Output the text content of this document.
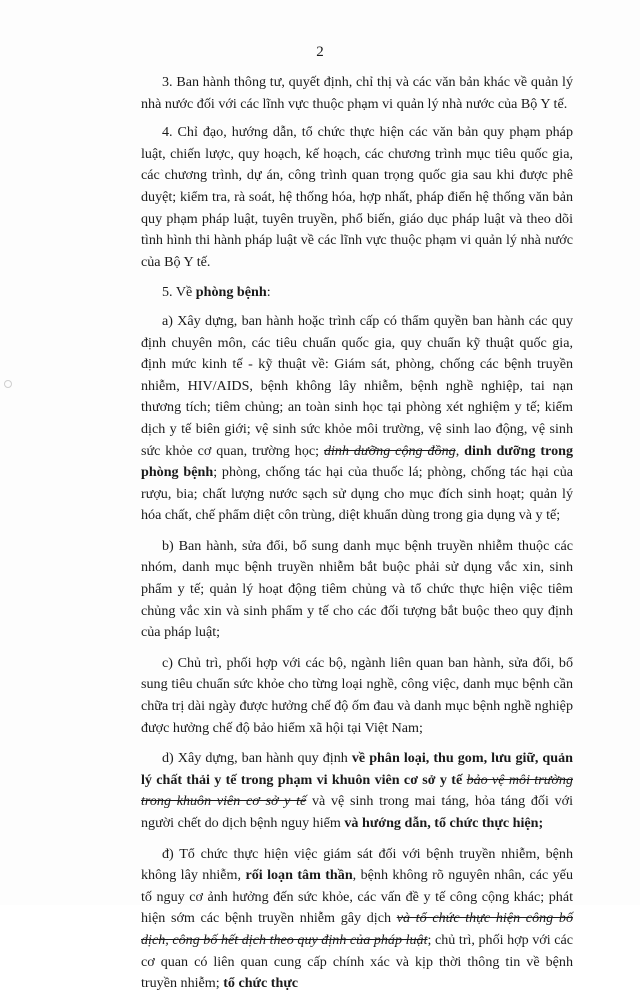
2

3. Ban hành thông tư, quyết định, chỉ thị và các văn bản khác về quản lý nhà nước đối với các lĩnh vực thuộc phạm vi quản lý nhà nước của Bộ Y tế.

4. Chỉ đạo, hướng dẫn, tổ chức thực hiện các văn bản quy phạm pháp luật, chiến lược, quy hoạch, kế hoạch, các chương trình mục tiêu quốc gia, các chương trình, dự án, công trình quan trọng quốc gia sau khi được phê duyệt; kiểm tra, rà soát, hệ thống hóa, hợp nhất, pháp điển hệ thống văn bản quy phạm pháp luật, tuyên truyền, phổ biến, giáo dục pháp luật và theo dõi tình hình thi hành pháp luật về các lĩnh vực thuộc phạm vi quản lý nhà nước của Bộ Y tế.

5. Về phòng bệnh:

a) Xây dựng, ban hành hoặc trình cấp có thẩm quyền ban hành các quy định chuyên môn, các tiêu chuẩn quốc gia, quy chuẩn kỹ thuật quốc gia, định mức kinh tế - kỹ thuật về: Giám sát, phòng, chống các bệnh truyền nhiễm, HIV/AIDS, bệnh không lây nhiễm, bệnh nghề nghiệp, tai nạn thương tích; tiêm chủng; an toàn sinh học tại phòng xét nghiệm y tế; kiểm dịch y tế biên giới; vệ sinh sức khỏe môi trường, vệ sinh lao động, vệ sinh sức khỏe cơ quan, trường học; dinh dưỡng cộng đồng, dinh dưỡng trong phòng bệnh; phòng, chống tác hại của thuốc lá; phòng, chống tác hại của rượu, bia; chất lượng nước sạch sử dụng cho mục đích sinh hoạt; quản lý hóa chất, chế phẩm diệt côn trùng, diệt khuẩn dùng trong gia dụng và y tế;

b) Ban hành, sửa đổi, bổ sung danh mục bệnh truyền nhiễm thuộc các nhóm, danh mục bệnh truyền nhiễm bắt buộc phải sử dụng vắc xin, sinh phẩm y tế; quản lý hoạt động tiêm chủng và tổ chức thực hiện việc tiêm chủng vắc xin và sinh phẩm y tế cho các đối tượng bắt buộc theo quy định của pháp luật;

c) Chủ trì, phối hợp với các bộ, ngành liên quan ban hành, sửa đổi, bổ sung tiêu chuẩn sức khỏe cho từng loại nghề, công việc, danh mục bệnh cần chữa trị dài ngày được hưởng chế độ ốm đau và danh mục bệnh nghề nghiệp được hưởng chế độ bảo hiểm xã hội tại Việt Nam;

d) Xây dựng, ban hành quy định về phân loại, thu gom, lưu giữ, quản lý chất thải y tế trong phạm vi khuôn viên cơ sở y tế bảo vệ môi trường trong khuôn viên cơ sở y tế và vệ sinh trong mai táng, hỏa táng đối với người chết do dịch bệnh nguy hiểm và hướng dẫn, tổ chức thực hiện;

đ) Tổ chức thực hiện việc giám sát đối với bệnh truyền nhiễm, bệnh không lây nhiễm, rối loạn tâm thần, bệnh không rõ nguyên nhân, các yếu tố nguy cơ ảnh hưởng đến sức khỏe, các vấn đề y tế công cộng khác; phát hiện sớm các bệnh truyền nhiễm gây dịch và tổ chức thực hiện công bố dịch, công bố hết dịch theo quy định của pháp luật; chủ trì, phối hợp với các cơ quan có liên quan cung cấp chính xác và kịp thời thông tin về bệnh truyền nhiễm; tổ chức thực
